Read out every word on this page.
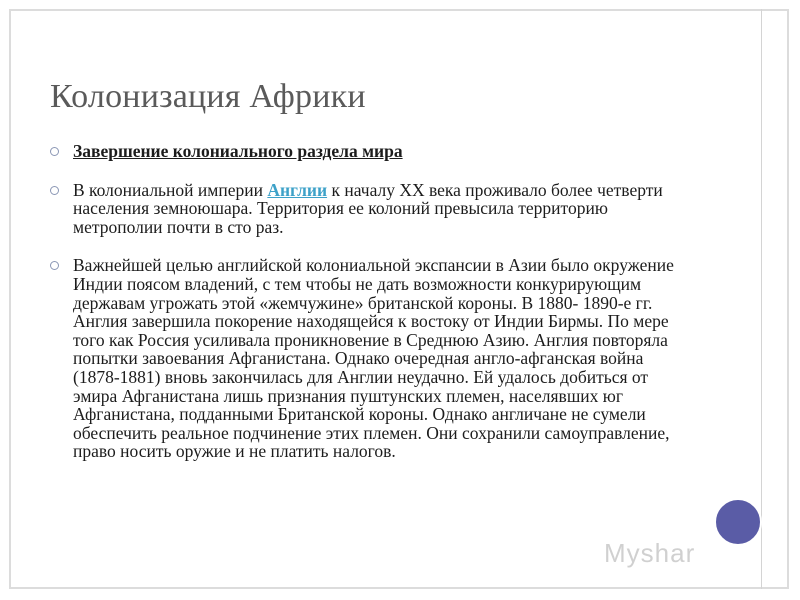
Колонизация Африки
Завершение колониального раздела мира
В колониальной империи Англии к началу XX века проживало более четверти населения земноюшара. Территория ее колоний превысила территорию метрополии почти в сто раз.
Важнейшей целью английской колониальной экспансии в Азии было окружение Индии поясом владений, с тем чтобы не дать возможности конкурирующим державам угрожать этой «жемчужине» британской короны. В 1880- 1890-е гг. Англия завершила покорение находящейся к востоку от Индии Бирмы. По мере того как Россия усиливала проникновение в Среднюю Азию. Англия повторяла попытки завоевания Афганистана. Однако очередная англо-афганская война (1878-1881) вновь закончилась для Англии неудачно. Ей удалось добиться от эмира Афганистана лишь признания пуштунских племен, населявших юг Афганистана, подданными Британской короны. Однако англичане не сумели обеспечить реальное подчинение этих племен. Они сохранили самоуправление, право носить оружие и не платить налогов.
Myshar
